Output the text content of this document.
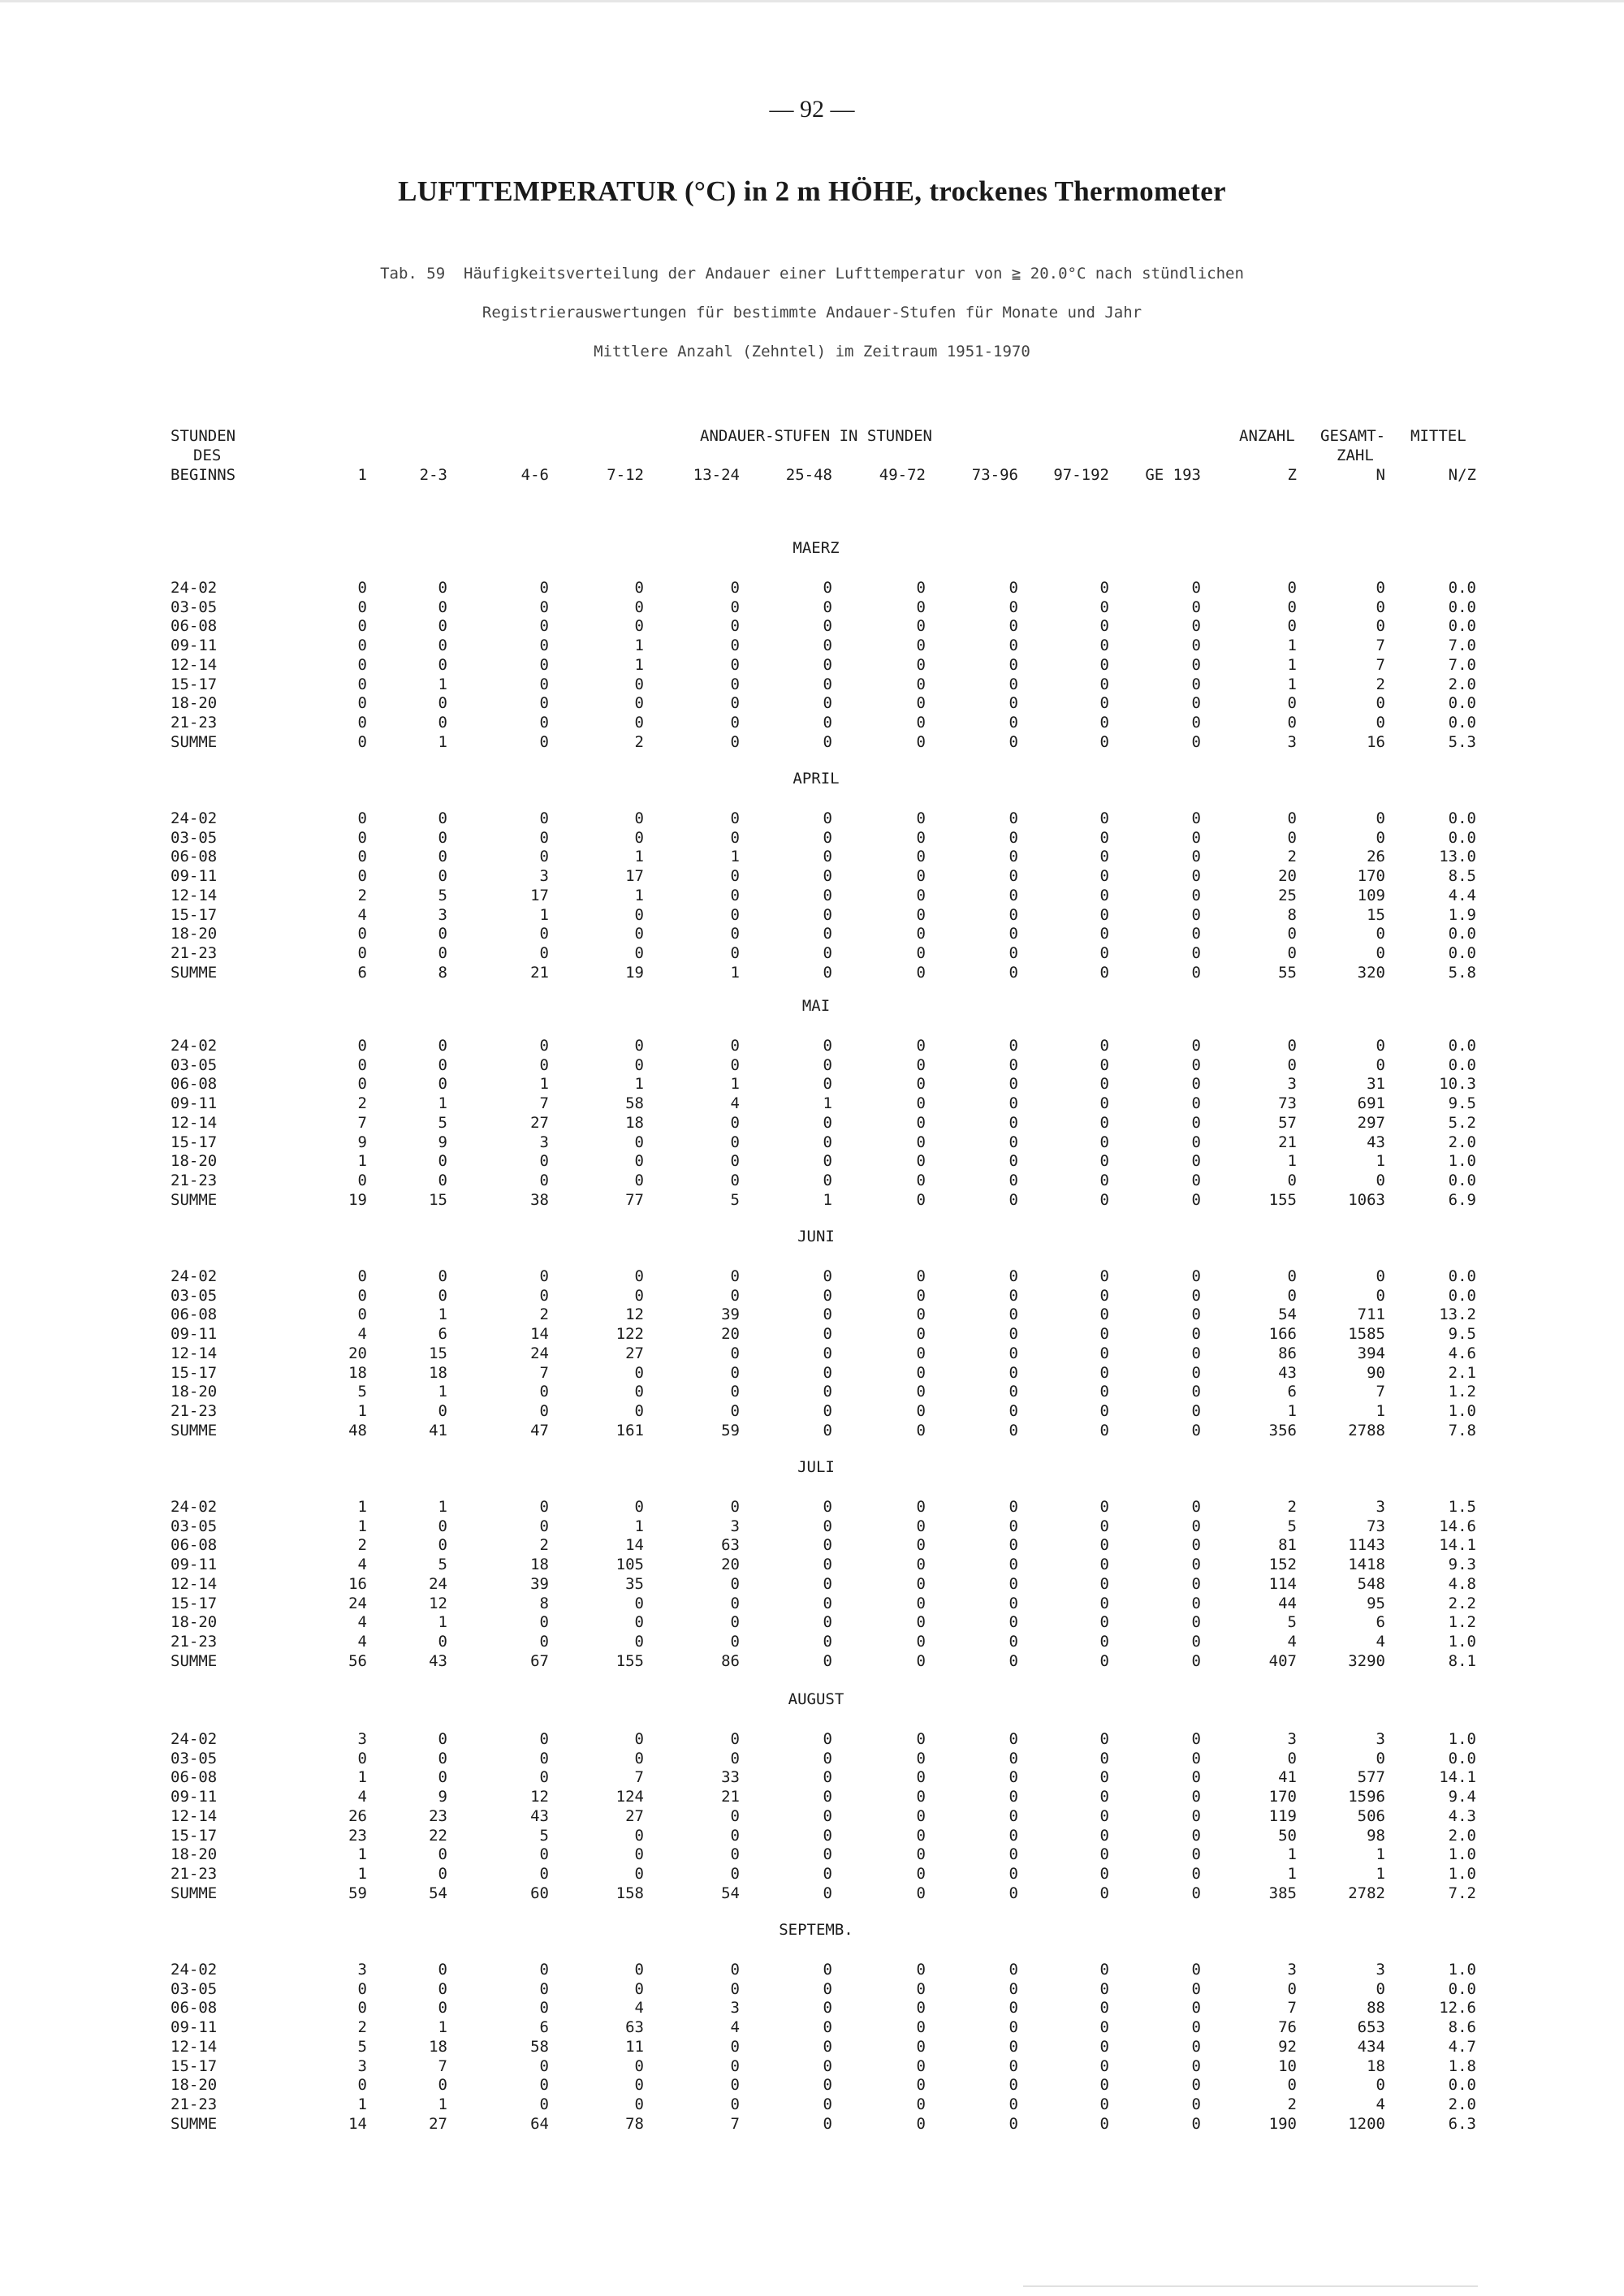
— 92 —
LUFTTEMPERATUR (°C) in 2 m HÖHE, trockenes Thermometer
Tab. 59  Häufigkeitsverteilung der Andauer einer Lufttemperatur von ≧ 20.0°C nach stündlichen
Registrierauswertungen für bestimmte Andauer-Stufen für Monate und Jahr
Mittlere Anzahl (Zehntel) im Zeitraum 1951-1970
STUNDEN
DES
BEGINNS
ANDAUER-STUFEN IN STUNDEN	ANZAHL GESAMT-
ZAHL
MITTEL
1	2-3	4-6	7-12	13-24	25-48	49-72	73-96 97-192 GE 193	Z	N	N/Z
MAERZ
24-02	0	0	0	0	0	0	0	0	0	0	0	0	0.0
03-05	0	0	0	0	0	0	0	0	0	0	0	0	0.0
06-08	0	0	0	0	0	0	0	0	0	0	0	0	0.0
09-11	0	0	0	1	0	0	0	0	0	0	1	7	7.0
12-14	0	0	0	1	0	0	0	0	0	0	1	7	7.0
15-17	0	1	0	0	0	0	0	0	0	0	1	2	2.0
18-20	0	0	0	0	0	0	0	0	0	0	0	0	0.0
21-23	0	0	0	0	0	0	0	0	0	0	0	0	0.0
SUMME	0	1	0	2	0	0	0	0	0	0	3	16	5.3
APRIL
24-02	0	0	0	0	0	0	0	0	0	0	0	0	0.0
03-05	0	0	0	0	0	0	0	0	0	0	0	0	0.0
06-08	0	0	0	1	1	0	0	0	0	0	2	26	13.0
09-11	0	0	3	17	0	0	0	0	0	0	20	170	8.5
12-14	2	5	17	1	0	0	0	0	0	0	25	109	4.4
15-17	4	3	1	0	0	0	0	0	0	0	8	15	1.9
18-20	0	0	0	0	0	0	0	0	0	0	0	0	0.0
21-23	0	0	0	0	0	0	0	0	0	0	0	0	0.0
SUMME	6	8	21	19	1	0	0	0	0	0	55	320	5.8
MAI
24-02	0	0	0	0	0	0	0	0	0	0	0	0	0.0
03-05	0	0	0	0	0	0	0	0	0	0	0	0	0.0
06-08	0	0	1	1	1	0	0	0	0	0	3	31	10.3
09-11	2	1	7	58	4	1	0	0	0	0	73	691	9.5
12-14	7	5	27	18	0	0	0	0	0	0	57	297	5.2
15-17	9	9	3	0	0	0	0	0	0	0	21	43	2.0
18-20	1	0	0	0	0	0	0	0	0	0	1	1	1.0
21-23	0	0	0	0	0	0	0	0	0	0	0	0	0.0
SUMME	19	15	38	77	5	1	0	0	0	0	155	1063	6.9
JUNI
24-02	0	0	0	0	0	0	0	0	0	0	0	0	0.0
03-05	0	0	0	0	0	0	0	0	0	0	0	0	0.0
06-08	0	1	2	12	39	0	0	0	0	0	54	711	13.2
09-11	4	6	14	122	20	0	0	0	0	0	166	1585	9.5
12-14	20	15	24	27	0	0	0	0	0	0	86	394	4.6
15-17	18	18	7	0	0	0	0	0	0	0	43	90	2.1
18-20	5	1	0	0	0	0	0	0	0	0	6	7	1.2
21-23	1	0	0	0	0	0	0	0	0	0	1	1	1.0
SUMME	48	41	47	161	59	0	0	0	0	0	356	2788	7.8
JULI
24-02	1	1	0	0	0	0	0	0	0	0	2	3	1.5
03-05	1	0	0	1	3	0	0	0	0	0	5	73	14.6
06-08	2	0	2	14	63	0	0	0	0	0	81	1143	14.1
09-11	4	5	18	105	20	0	0	0	0	0	152	1418	9.3
12-14	16	24	39	35	0	0	0	0	0	0	114	548	4.8
15-17	24	12	8	0	0	0	0	0	0	0	44	95	2.2
18-20	4	1	0	0	0	0	0	0	0	0	5	6	1.2
21-23	4	0	0	0	0	0	0	0	0	0	4	4	1.0
SUMME	56	43	67	155	86	0	0	0	0	0	407	3290	8.1
AUGUST
24-02	3	0	0	0	0	0	0	0	0	0	3	3	1.0
03-05	0	0	0	0	0	0	0	0	0	0	0	0	0.0
06-08	1	0	0	7	33	0	0	0	0	0	41	577	14.1
09-11	4	9	12	124	21	0	0	0	0	0	170	1596	9.4
12-14	26	23	43	27	0	0	0	0	0	0	119	506	4.3
15-17	23	22	5	0	0	0	0	0	0	0	50	98	2.0
18-20	1	0	0	0	0	0	0	0	0	0	1	1	1.0
21-23	1	0	0	0	0	0	0	0	0	0	1	1	1.0
SUMME	59	54	60	158	54	0	0	0	0	0	385	2782	7.2
SEPTEMB.
24-02	3	0	0	0	0	0	0	0	0	0	3	3	1.0
03-05	0	0	0	0	0	0	0	0	0	0	0	0	0.0
06-08	0	0	0	4	3	0	0	0	0	0	7	88	12.6
09-11	2	1	6	63	4	0	0	0	0	0	76	653	8.6
12-14	5	18	58	11	0	0	0	0	0	0	92	434	4.7
15-17	3	7	0	0	0	0	0	0	0	0	10	18	1.8
18-20	0	0	0	0	0	0	0	0	0	0	0	0	0.0
21-23	1	1	0	0	0	0	0	0	0	0	2	4	2.0
SUMME	14	27	64	78	7	0	0	0	0	0	190	1200	6.3
